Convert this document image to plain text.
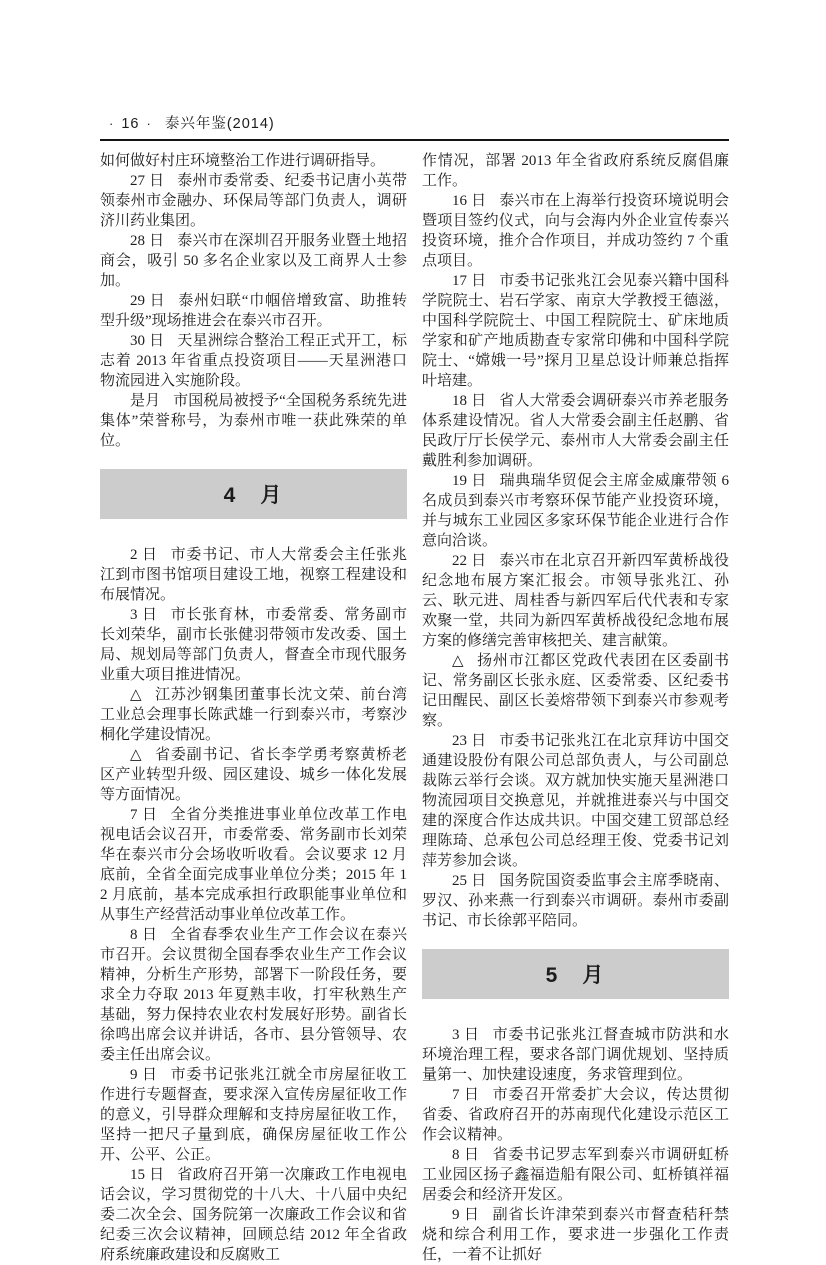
· 16 · 泰兴年鉴(2014)

如何做好村庄环境整治工作进行调研指导。

27 日 泰州市委常委、纪委书记唐小英带领泰州市金融办、环保局等部门负责人，调研济川药业集团。

28 日 泰兴市在深圳召开服务业暨土地招商会，吸引 50 多名企业家以及工商界人士参加。

29 日 泰州妇联“巾帼倍增致富、助推转型升级”现场推进会在泰兴市召开。

30 日 天星洲综合整治工程正式开工，标志着 2013 年省重点投资项目——天星洲港口物流园进入实施阶段。

是月 市国税局被授予“全国税务系统先进集体”荣誉称号，为泰州市唯一获此殊荣的单位。

4　月

2 日 市委书记、市人大常委会主任张兆江到市图书馆项目建设工地，视察工程建设和布展情况。

3 日 市长张育林，市委常委、常务副市长刘荣华，副市长张健羽带领市发改委、国土局、规划局等部门负责人，督查全市现代服务业重大项目推进情况。

△ 江苏沙钢集团董事长沈文荣、前台湾工业总会理事长陈武雄一行到泰兴市，考察沙桐化学建设情况。

△ 省委副书记、省长李学勇考察黄桥老区产业转型升级、园区建设、城乡一体化发展等方面情况。

7 日 全省分类推进事业单位改革工作电视电话会议召开，市委常委、常务副市长刘荣华在泰兴市分会场收听收看。会议要求 12 月底前，全省全面完成事业单位分类；2015 年 12 月底前，基本完成承担行政职能事业单位和从事生产经营活动事业单位改革工作。

8 日 全省春季农业生产工作会议在泰兴市召开。会议贯彻全国春季农业生产工作会议精神，分析生产形势，部署下一阶段任务，要求全力夺取 2013 年夏熟丰收，打牢秋熟生产基础，努力保持农业农村发展好形势。副省长徐鸣出席会议并讲话，各市、县分管领导、农委主任出席会议。

9 日 市委书记张兆江就全市房屋征收工作进行专题督查，要求深入宣传房屋征收工作的意义，引导群众理解和支持房屋征收工作，坚持一把尺子量到底，确保房屋征收工作公开、公平、公正。

15 日 省政府召开第一次廉政工作电视电话会议，学习贯彻党的十八大、十八届中央纪委二次全会、国务院第一次廉政工作会议和省纪委三次会议精神，回顾总结 2012 年全省政府系统廉政建设和反腐败工

作情况，部署 2013 年全省政府系统反腐倡廉工作。

16 日 泰兴市在上海举行投资环境说明会暨项目签约仪式，向与会海内外企业宣传泰兴投资环境，推介合作项目，并成功签约 7 个重点项目。

17 日 市委书记张兆江会见泰兴籍中国科学院院士、岩石学家、南京大学教授王德滋，中国科学院院士、中国工程院院士、矿床地质学家和矿产地质勘查专家常印佛和中国科学院院士、“嫦娥一号”探月卫星总设计师兼总指挥叶培建。

18 日 省人大常委会调研泰兴市养老服务体系建设情况。省人大常委会副主任赵鹏、省民政厅厅长侯学元、泰州市人大常委会副主任戴胜利参加调研。

19 日 瑞典瑞华贸促会主席金威廉带领 6 名成员到泰兴市考察环保节能产业投资环境，并与城东工业园区多家环保节能企业进行合作意向洽谈。

22 日 泰兴市在北京召开新四军黄桥战役纪念地布展方案汇报会。市领导张兆江、孙云、耿元进、周桂香与新四军后代代表和专家欢聚一堂，共同为新四军黄桥战役纪念地布展方案的修缮完善审核把关、建言献策。

△ 扬州市江都区党政代表团在区委副书记、常务副区长张永庭、区委常委、区纪委书记田醒民、副区长姜熔带领下到泰兴市参观考察。

23 日 市委书记张兆江在北京拜访中国交通建设股份有限公司总部负责人，与公司副总裁陈云举行会谈。双方就加快实施天星洲港口物流园项目交换意见，并就推进泰兴与中国交建的深度合作达成共识。中国交建工贸部总经理陈琦、总承包公司总经理王俊、党委书记刘萍芳参加会谈。

25 日 国务院国资委监事会主席季晓南、罗汉、孙来燕一行到泰兴市调研。泰州市委副书记、市长徐郭平陪同。

5　月

3 日 市委书记张兆江督查城市防洪和水环境治理工程，要求各部门调优规划、坚持质量第一、加快建设速度，务求管理到位。

7 日 市委召开常委扩大会议，传达贯彻省委、省政府召开的苏南现代化建设示范区工作会议精神。

8 日 省委书记罗志军到泰兴市调研虹桥工业园区扬子鑫福造船有限公司、虹桥镇祥福居委会和经济开发区。

9 日 副省长许津荣到泰兴市督查秸秆禁烧和综合利用工作，要求进一步强化工作责任，一着不让抓好
